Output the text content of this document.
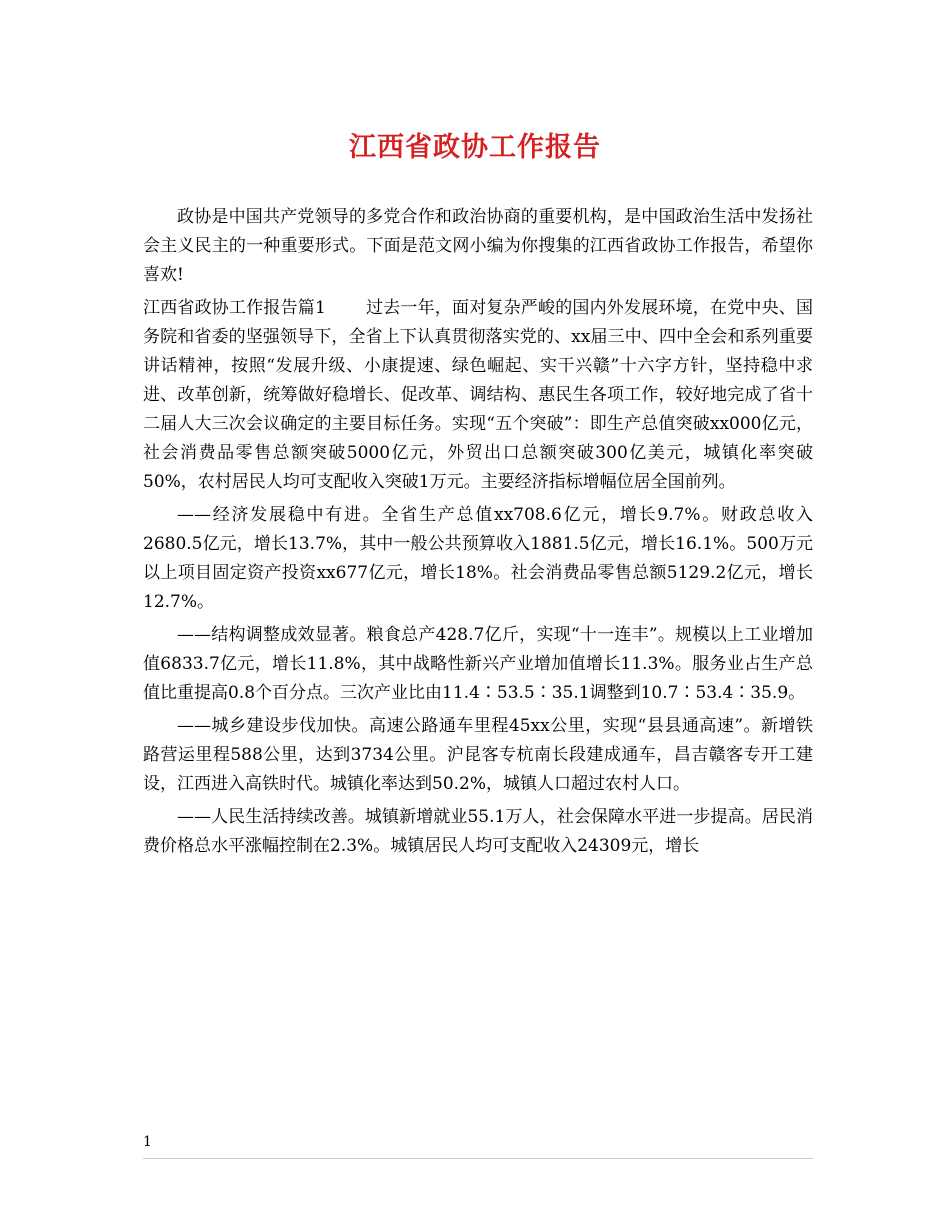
江西省政协工作报告

政协是中国共产党领导的多党合作和政治协商的重要机构，是中国政治生活中发扬社会主义民主的一种重要形式。下面是范文网小编为你搜集的江西省政协工作报告，希望你喜欢!

江西省政协工作报告篇1 过去一年，面对复杂严峻的国内外发展环境，在党中央、国务院和省委的坚强领导下，全省上下认真贯彻落实党的、xx届三中、四中全会和系列重要讲话精神，按照“发展升级、小康提速、绿色崛起、实干兴赣”十六字方针，坚持稳中求进、改革创新，统筹做好稳增长、促改革、调结构、惠民生各项工作，较好地完成了省十二届人大三次会议确定的主要目标任务。实现“五个突破”：即生产总值突破xx000亿元，社会消费品零售总额突破5000亿元，外贸出口总额突破300亿美元，城镇化率突破50%，农村居民人均可支配收入突破1万元。主要经济指标增幅位居全国前列。

——经济发展稳中有进。全省生产总值xx708.6亿元，增长9.7%。财政总收入2680.5亿元，增长13.7%，其中一般公共预算收入1881.5亿元，增长16.1%。500万元以上项目固定资产投资xx677亿元，增长18%。社会消费品零售总额5129.2亿元，增长12.7%。

——结构调整成效显著。粮食总产428.7亿斤，实现“十一连丰”。规模以上工业增加值6833.7亿元，增长11.8%，其中战略性新兴产业增加值增长11.3%。服务业占生产总值比重提高0.8个百分点。三次产业比由11.4∶53.5∶35.1调整到10.7∶53.4∶35.9。

——城乡建设步伐加快。高速公路通车里程45xx公里，实现“县县通高速”。新增铁路营运里程588公里，达到3734公里。沪昆客专杭南长段建成通车，昌吉赣客专开工建设，江西进入高铁时代。城镇化率达到50.2%，城镇人口超过农村人口。

——人民生活持续改善。城镇新增就业55.1万人，社会保障水平进一步提高。居民消费价格总水平涨幅控制在2.3%。城镇居民人均可支配收入24309元，增长

1
